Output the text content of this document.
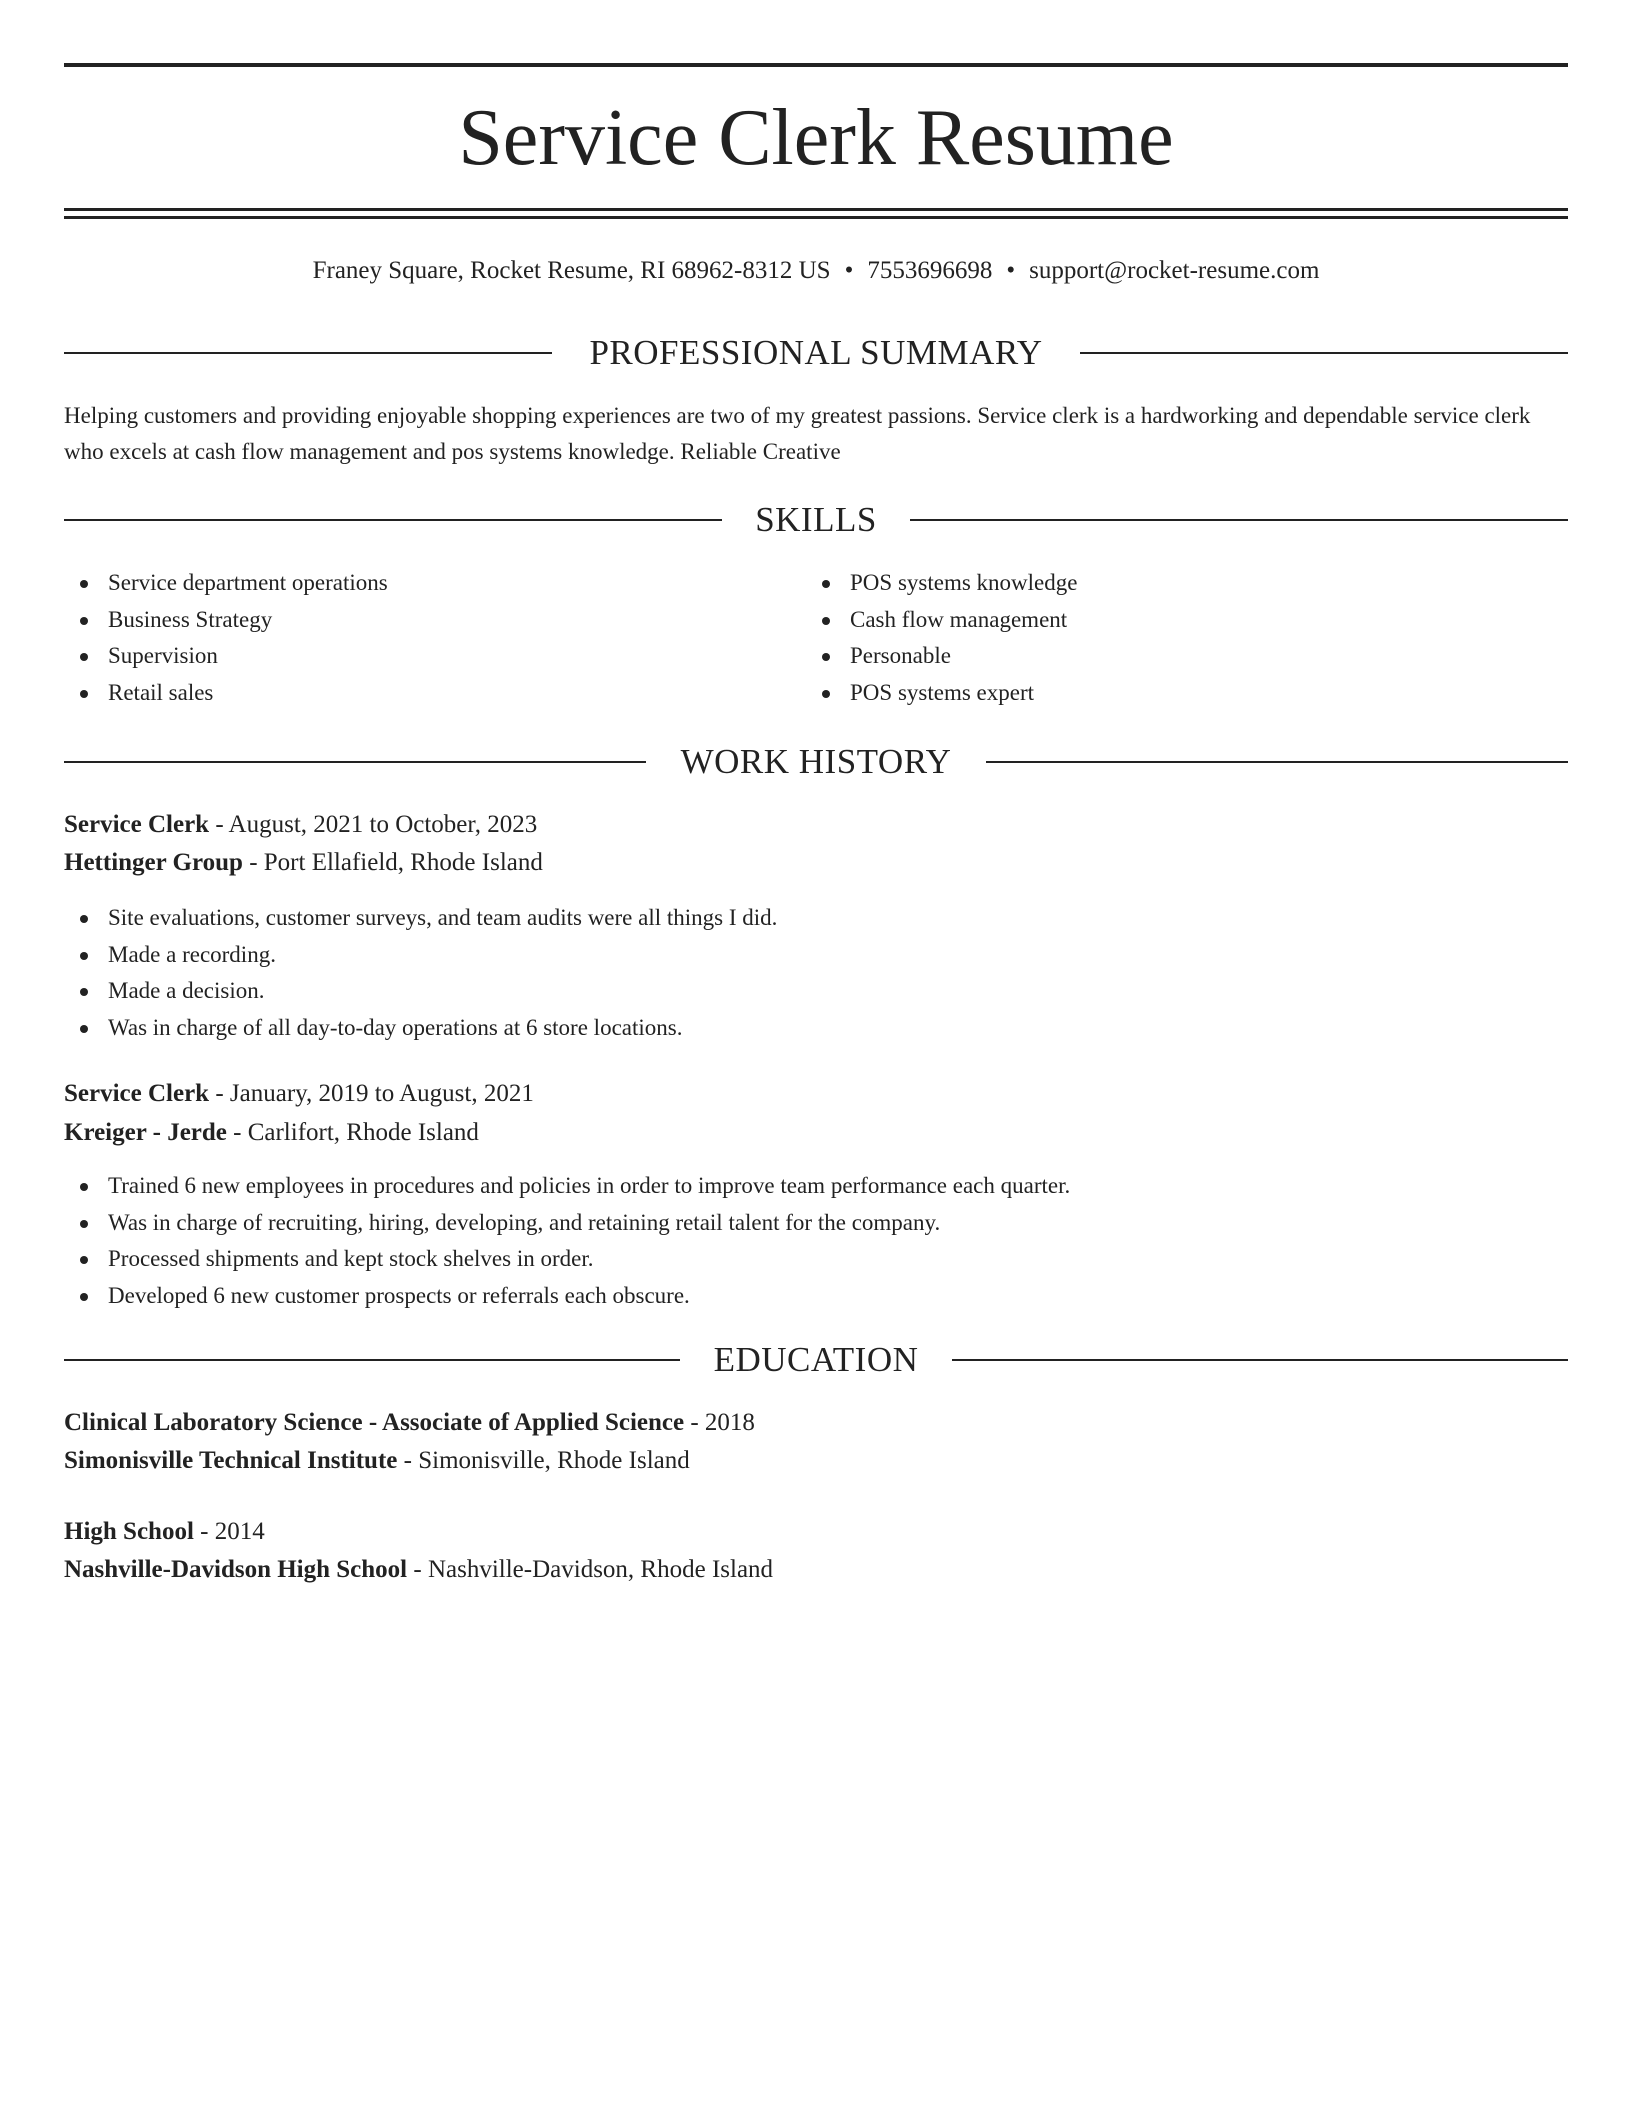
Service Clerk Resume
Franey Square, Rocket Resume, RI 68962-8312 US • 7553696698 • support@rocket-resume.com
PROFESSIONAL SUMMARY

Helping customers and providing enjoyable shopping experiences are two of my greatest passions. Service clerk is a hardworking and dependable service clerk who excels at cash flow management and pos systems knowledge. Reliable Creative

SKILLS
Service department operations
Business Strategy
Supervision
Retail sales
POS systems knowledge
Cash flow management
Personable
POS systems expert
WORK HISTORY
Service Clerk - August, 2021 to October, 2023
Hettinger Group - Port Ellafield, Rhode Island
Site evaluations, customer surveys, and team audits were all things I did.
Made a recording.
Made a decision.
Was in charge of all day-to-day operations at 6 store locations.
Service Clerk - January, 2019 to August, 2021
Kreiger - Jerde - Carlifort, Rhode Island
Trained 6 new employees in procedures and policies in order to improve team performance each quarter.
Was in charge of recruiting, hiring, developing, and retaining retail talent for the company.
Processed shipments and kept stock shelves in order.
Developed 6 new customer prospects or referrals each obscure.
EDUCATION
Clinical Laboratory Science - Associate of Applied Science - 2018
Simonisville Technical Institute - Simonisville, Rhode Island
High School - 2014
Nashville-Davidson High School - Nashville-Davidson, Rhode Island
